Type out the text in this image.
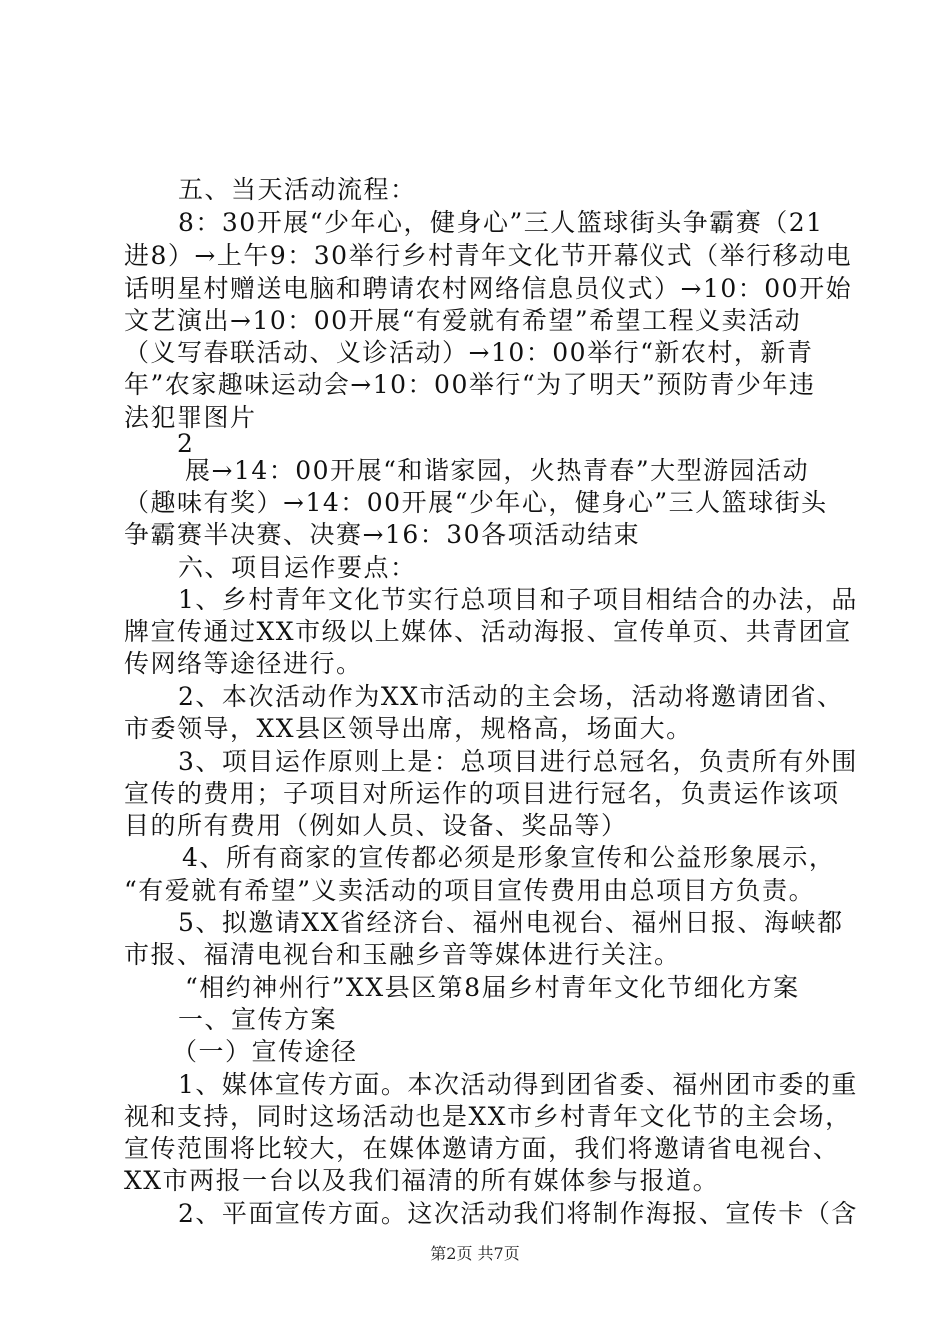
五、当天活动流程：
8：30开展“少年心，健身心”三人篮球街头争霸赛（21
进8）→上午9：30举行乡村青年文化节开幕仪式（举行移动电
话明星村赠送电脑和聘请农村网络信息员仪式）→10：00开始
文艺演出→10：00开展“有爱就有希望”希望工程义卖活动
（义写春联活动、义诊活动）→10：00举行“新农村，新青
年”农家趣味运动会→10：00举行“为了明天”预防青少年违
法犯罪图片
2
展→14：00开展“和谐家园，火热青春”大型游园活动
（趣味有奖）→14：00开展“少年心，健身心”三人篮球街头
争霸赛半决赛、决赛→16：30各项活动结束
六、项目运作要点：
1、乡村青年文化节实行总项目和子项目相结合的办法，品
牌宣传通过XX市级以上媒体、活动海报、宣传单页、共青团宣
传网络等途径进行。
2、本次活动作为XX市活动的主会场，活动将邀请团省、
市委领导，XX县区领导出席，规格高，场面大。
3、项目运作原则上是：总项目进行总冠名，负责所有外围
宣传的费用；子项目对所运作的项目进行冠名，负责运作该项
目的所有费用（例如人员、设备、奖品等）
4、所有商家的宣传都必须是形象宣传和公益形象展示，
“有爱就有希望”义卖活动的项目宣传费用由总项目方负责。
5、拟邀请XX省经济台、福州电视台、福州日报、海峡都
市报、福清电视台和玉融乡音等媒体进行关注。
“相约神州行”XX县区第8届乡村青年文化节细化方案
一、宣传方案
（一）宣传途径
1、媒体宣传方面。本次活动得到团省委、福州团市委的重
视和支持，同时这场活动也是XX市乡村青年文化节的主会场，
宣传范围将比较大，在媒体邀请方面，我们将邀请省电视台、
XX市两报一台以及我们福清的所有媒体参与报道。
2、平面宣传方面。这次活动我们将制作海报、宣传卡（含
第2页 共7页
